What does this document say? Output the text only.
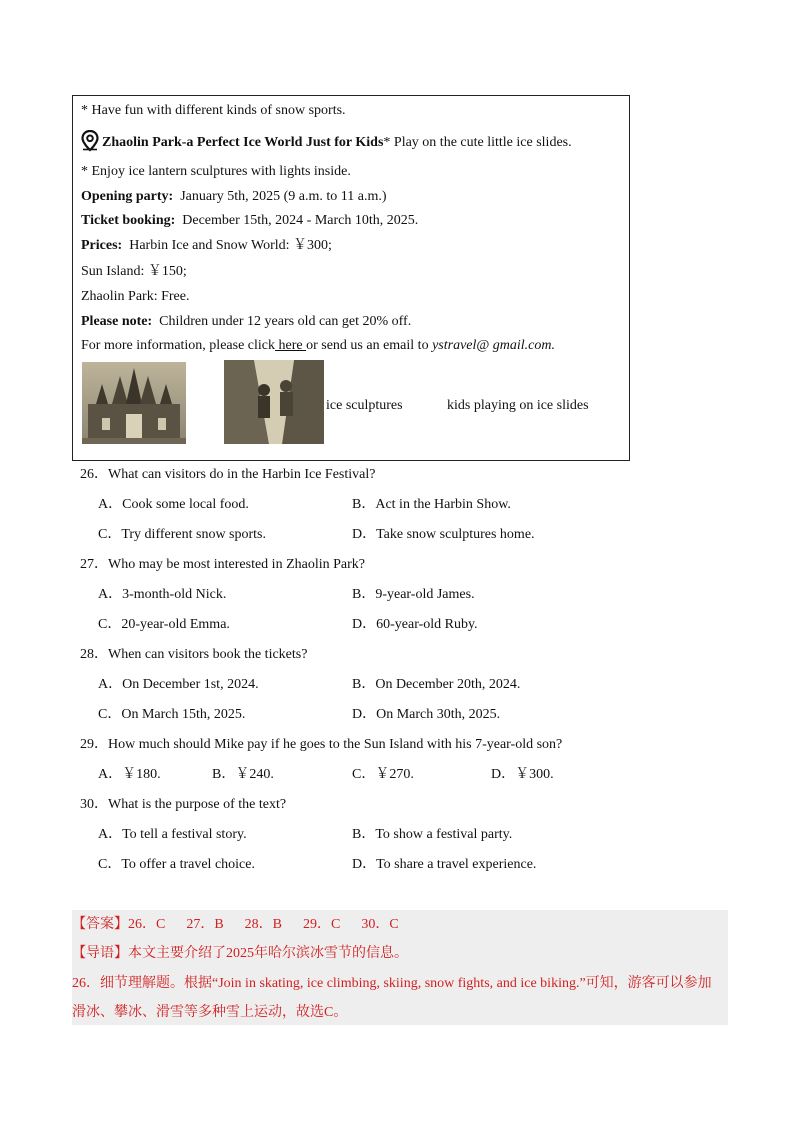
* Have fun with different kinds of snow sports.
Zhaolin Park-a Perfect Ice World Just for Kids* Play on the cute little ice slides.
* Enjoy ice lantern sculptures with lights inside.
Opening party: January 5th, 2025 (9 a.m. to 11 a.m.)
Ticket booking: December 15th, 2024 - March 10th, 2025.
Prices: Harbin Ice and Snow World: ￥300;
Sun Island: ￥150;
Zhaolin Park: Free.
Please note: Children under 12 years old can get 20% off.
For more information, please click here or send us an email to ystravel@ gmail.com.
ice sculptures	kids playing on ice slides
26．What can visitors do in the Harbin Ice Festival?
A．Cook some local food.	B．Act in the Harbin Show.
C．Try different snow sports.	D．Take snow sculptures home.
27．Who may be most interested in Zhaolin Park?
A．3-month-old Nick.	B．9-year-old James.
C．20-year-old Emma.	D．60-year-old Ruby.
28．When can visitors book the tickets?
A．On December 1st, 2024.	B．On December 20th, 2024.
C．On March 15th, 2025.	D．On March 30th, 2025.
29．How much should Mike pay if he goes to the Sun Island with his 7-year-old son?
A．￥180.	B．￥240.	C．￥270.	D．￥300.
30．What is the purpose of the text?
A．To tell a festival story.	B．To show a festival party.
C．To offer a travel choice.	D．To share a travel experience.
【答案】26．C      27．B      28．B      29．C      30．C
【导语】本文主要介绍了2025年哈尔滨冰雪节的信息。
26．细节理解题。根据“Join in skating, ice climbing, skiing, snow fights, and ice biking.”可知，游客可以参加
滑冰、攀冰、滑雪等多种雪上运动，故选C。
